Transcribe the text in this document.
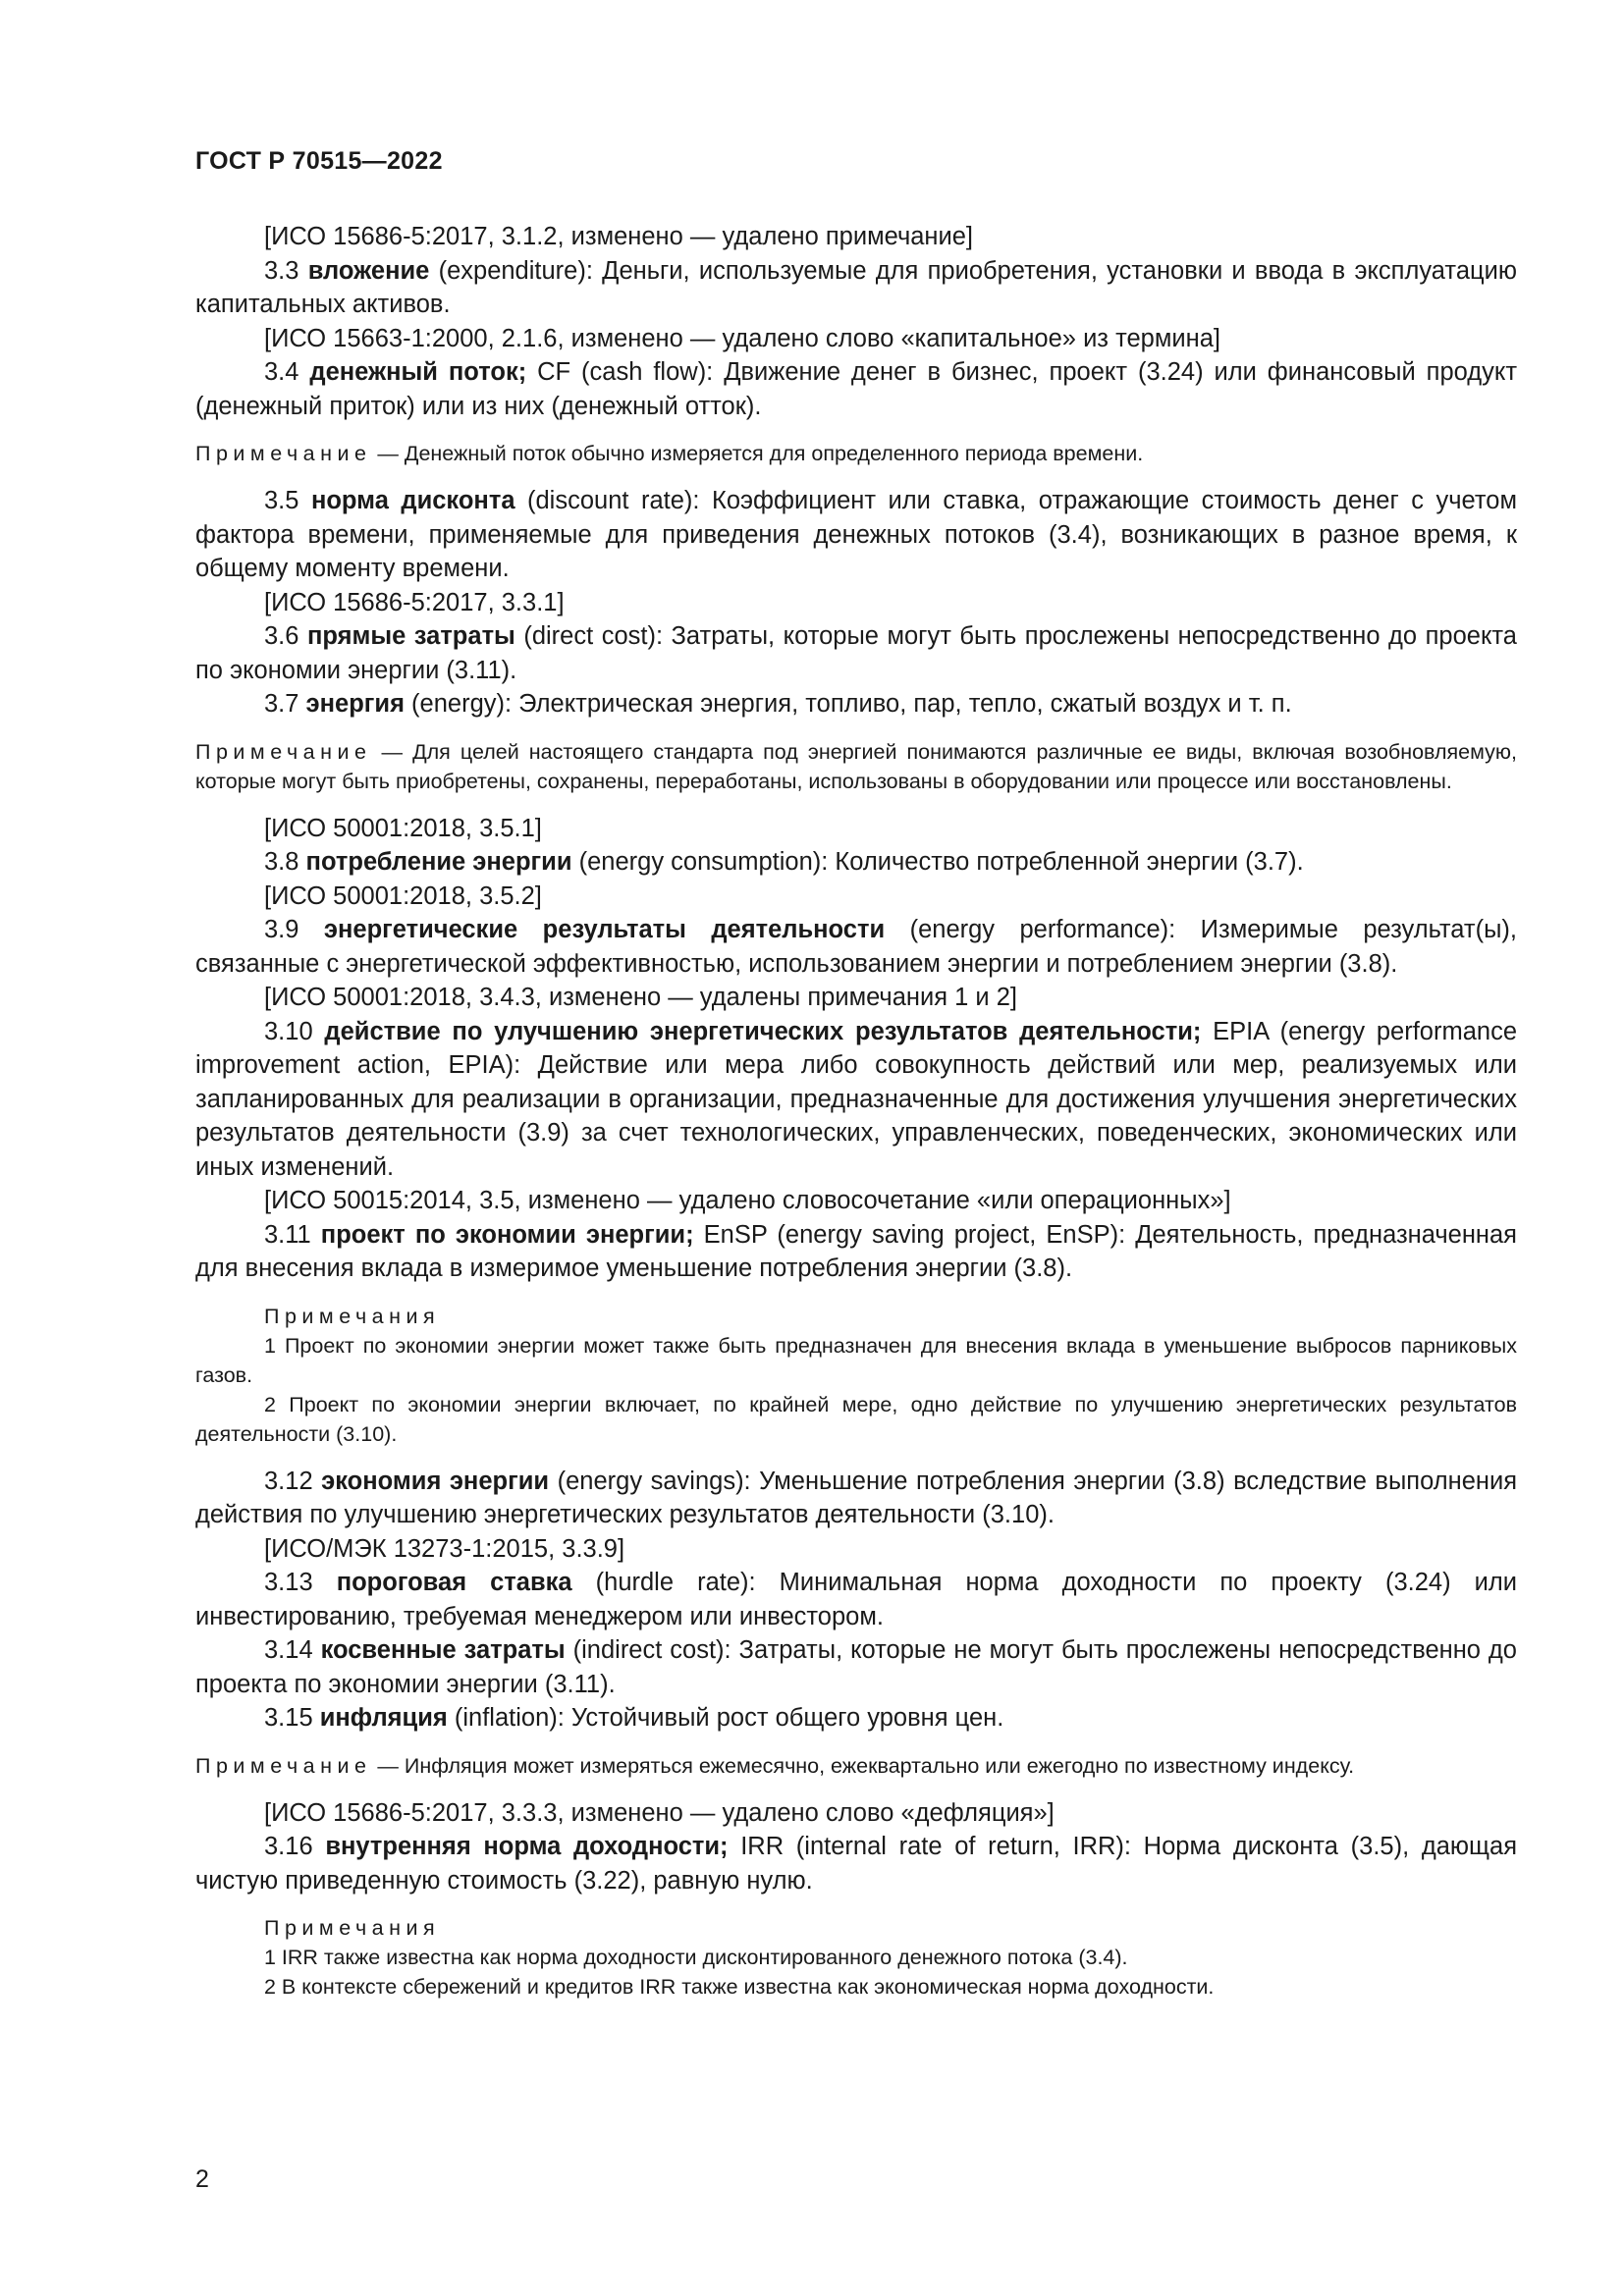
ГОСТ Р 70515—2022

[ИСО 15686-5:2017, 3.1.2, изменено — удалено примечание]

3.3 вложение (expenditure): Деньги, используемые для приобретения, установки и ввода в эксплуатацию капитальных активов.

[ИСО 15663-1:2000, 2.1.6, изменено — удалено слово «капитальное» из термина]

3.4 денежный поток; CF (cash flow): Движение денег в бизнес, проект (3.24) или финансовый продукт (денежный приток) или из них (денежный отток).

Примечание — Денежный поток обычно измеряется для определенного периода времени.

3.5 норма дисконта (discount rate): Коэффициент или ставка, отражающие стоимость денег с учетом фактора времени, применяемые для приведения денежных потоков (3.4), возникающих в разное время, к общему моменту времени.

[ИСО 15686-5:2017, 3.3.1]

3.6 прямые затраты (direct cost): Затраты, которые могут быть прослежены непосредственно до проекта по экономии энергии (3.11).

3.7 энергия (energy): Электрическая энергия, топливо, пар, тепло, сжатый воздух и т. п.

Примечание — Для целей настоящего стандарта под энергией понимаются различные ее виды, включая возобновляемую, которые могут быть приобретены, сохранены, переработаны, использованы в оборудовании или процессе или восстановлены.

[ИСО 50001:2018, 3.5.1]

3.8 потребление энергии (energy consumption): Количество потребленной энергии (3.7).

[ИСО 50001:2018, 3.5.2]

3.9 энергетические результаты деятельности (energy performance): Измеримые результат(ы), связанные с энергетической эффективностью, использованием энергии и потреблением энергии (3.8).

[ИСО 50001:2018, 3.4.3, изменено — удалены примечания 1 и 2]

3.10 действие по улучшению энергетических результатов деятельности; EPIA (energy performance improvement action, EPIA): Действие или мера либо совокупность действий или мер, реализуемых или запланированных для реализации в организации, предназначенные для достижения улучшения энергетических результатов деятельности (3.9) за счет технологических, управленческих, поведенческих, экономических или иных изменений.

[ИСО 50015:2014, 3.5, изменено — удалено словосочетание «или операционных»]

3.11 проект по экономии энергии; EnSP (energy saving project, EnSP): Деятельность, предназначенная для внесения вклада в измеримое уменьшение потребления энергии (3.8).

Примечания

1 Проект по экономии энергии может также быть предназначен для внесения вклада в уменьшение выбросов парниковых газов.

2 Проект по экономии энергии включает, по крайней мере, одно действие по улучшению энергетических результатов деятельности (3.10).

3.12 экономия энергии (energy savings): Уменьшение потребления энергии (3.8) вследствие выполнения действия по улучшению энергетических результатов деятельности (3.10).

[ИСО/МЭК 13273-1:2015, 3.3.9]

3.13 пороговая ставка (hurdle rate): Минимальная норма доходности по проекту (3.24) или инвестированию, требуемая менеджером или инвестором.

3.14 косвенные затраты (indirect cost): Затраты, которые не могут быть прослежены непосредственно до проекта по экономии энергии (3.11).

3.15 инфляция (inflation): Устойчивый рост общего уровня цен.

Примечание — Инфляция может измеряться ежемесячно, ежеквартально или ежегодно по известному индексу.

[ИСО 15686-5:2017, 3.3.3, изменено — удалено слово «дефляция»]

3.16 внутренняя норма доходности; IRR (internal rate of return, IRR): Норма дисконта (3.5), дающая чистую приведенную стоимость (3.22), равную нулю.

Примечания

1 IRR также известна как норма доходности дисконтированного денежного потока (3.4).

2 В контексте сбережений и кредитов IRR также известна как экономическая норма доходности.

2
